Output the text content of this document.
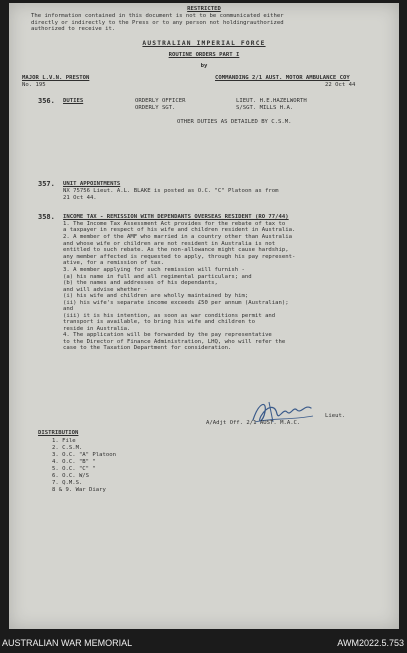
RESTRICTED
The information contained in this document is not to be communicated either
directly or indirectly to the Press or to any person not holdingrauthorized
authorized to receive it.
AUSTRALIAN IMPERIAL FORCE
ROUTINE ORDERS PART I
by
MAJOR L.V.N. PRESTON
No. 195
COMMANDING 2/1 AUST. MOTOR AMBULANCE COY
22 Oct 44
356. DUTIES	ORDERLY OFFICER	LIEUT. H.E.HAZELWORTH
ORDERLY SGT.	S/SGT. MILLS H.A.
OTHER DUTIES AS DETAILED BY C.S.M.
357. UNIT APPOINTMENTS
NX 75756 Lieut. A.L. BLAKE is posted as O.C. "C" Platoon as from
21 Oct 44.
358. INCOME TAX - REMISSION WITH DEPENDANTS OVERSEAS RESIDENT (RO 77/44)
1. The Income Tax Assessment Act provides for the rebate of tax to
a taxpayer in respect of his wife and children resident in Australia.
2. A member of the AMF who married in a country other than Australia
and whose wife or children are not resident in Australia is not
entitled to such rebate. As the non-allowance might cause hardship,
any member affected is requested to apply, through his pay represent-
ative, for a remission of tax.
3. A member applying for such remission will furnish -
(a) his name in full and all regimental particulars; and
(b) the names and addresses of his dependants,
and will advise whether -
(i) his wife and children are wholly maintained by him;
(ii) his wife's separate income exceeds £50 per annum (Australian);
and
(iii) it is his intention, as soon as war conditions permit and
transport is available, to bring his wife and children to
reside in Australia.
4. The application will be forwarded by the pay representative
to the Director of Finance Administration, LHQ, who will refer the
case to the Taxation Department for consideration.
Lieut.
A/Adjt Off. 2/1 AUST. M.A.C.
DISTRIBUTION
1. File
2. C.S.M.
3. O.C. "A" Platoon
4. O.C. "B" "
5. O.C. "C" "
6. O.C. W/S
7. Q.M.S.
8 & 9. War Diary
AUSTRALIAN WAR MEMORIAL	AWM2022.5.753
